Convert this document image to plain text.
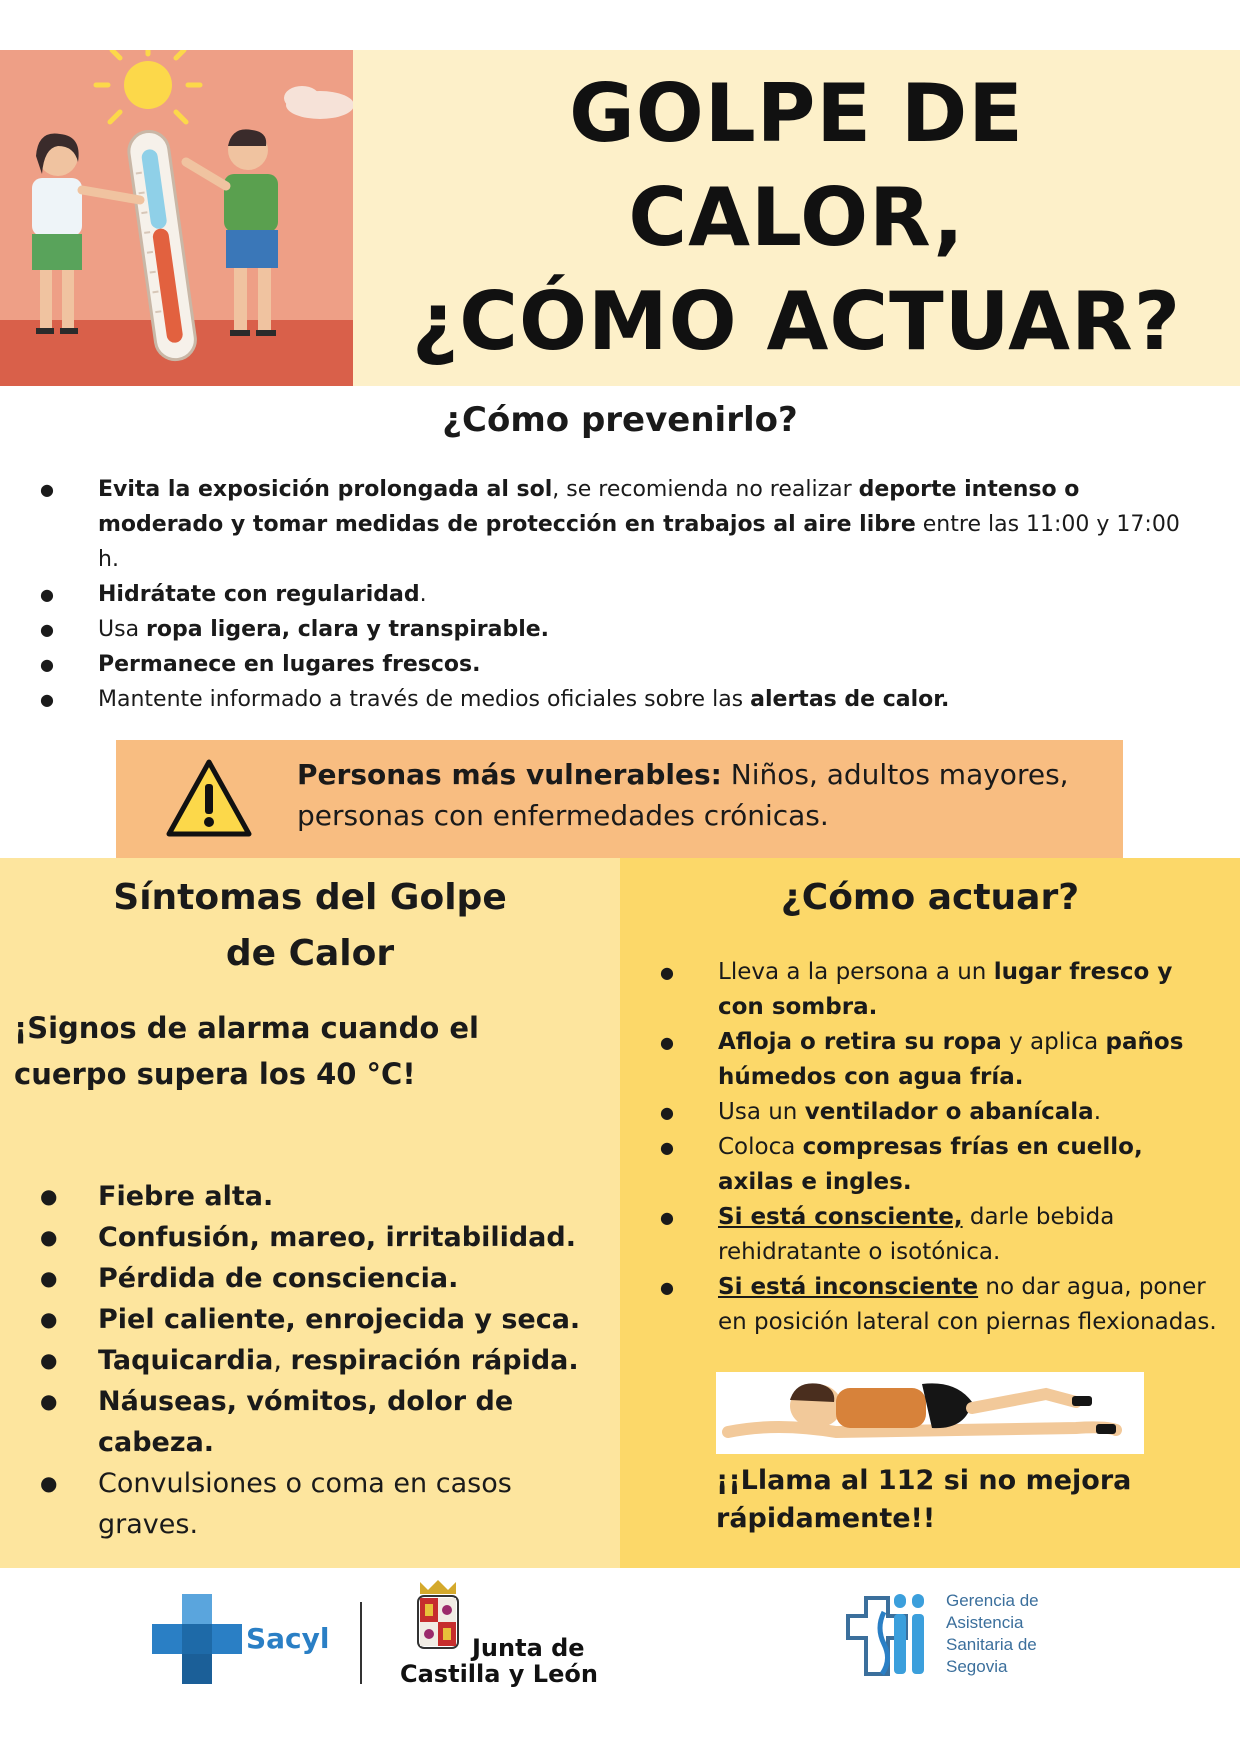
GOLPE DE
CALOR,
¿CÓMO ACTUAR?
¿Cómo prevenirlo?
● Evita la exposición prolongada al sol, se recomienda no realizar deporte intenso o moderado y tomar medidas de protección en trabajos al aire libre entre las 11:00 y 17:00 h.
● Hidrátate con regularidad.
● Usa ropa ligera, clara y transpirable.
● Permanece en lugares frescos.
● Mantente informado a través de medios oficiales sobre las alertas de calor.

Personas más vulnerables: Niños, adultos mayores, personas con enfermedades crónicas.

Síntomas del Golpe de Calor

¡Signos de alarma cuando el cuerpo supera los 40 °C!

● Fiebre alta.
● Confusión, mareo, irritabilidad.
● Pérdida de consciencia.
● Piel caliente, enrojecida y seca.
● Taquicardia, respiración rápida.
● Náuseas, vómitos, dolor de cabeza.
● Convulsiones o coma en casos graves.
¿Cómo actuar?
● Lleva a la persona a un lugar fresco y con sombra.
● Afloja o retira su ropa y aplica paños húmedos con agua fría.
● Usa un ventilador o abanícala.
● Coloca compresas frías en cuello, axilas e ingles.
● Si está consciente, darle bebida rehidratante o isotónica.
● Si está inconsciente no dar agua, poner en posición lateral con piernas flexionadas.

¡¡Llama al 112 si no mejora rápidamente!!

Sacyl	Junta de
Castilla y León
Gerencia de
Asistencia
Sanitaria de
Segovia
